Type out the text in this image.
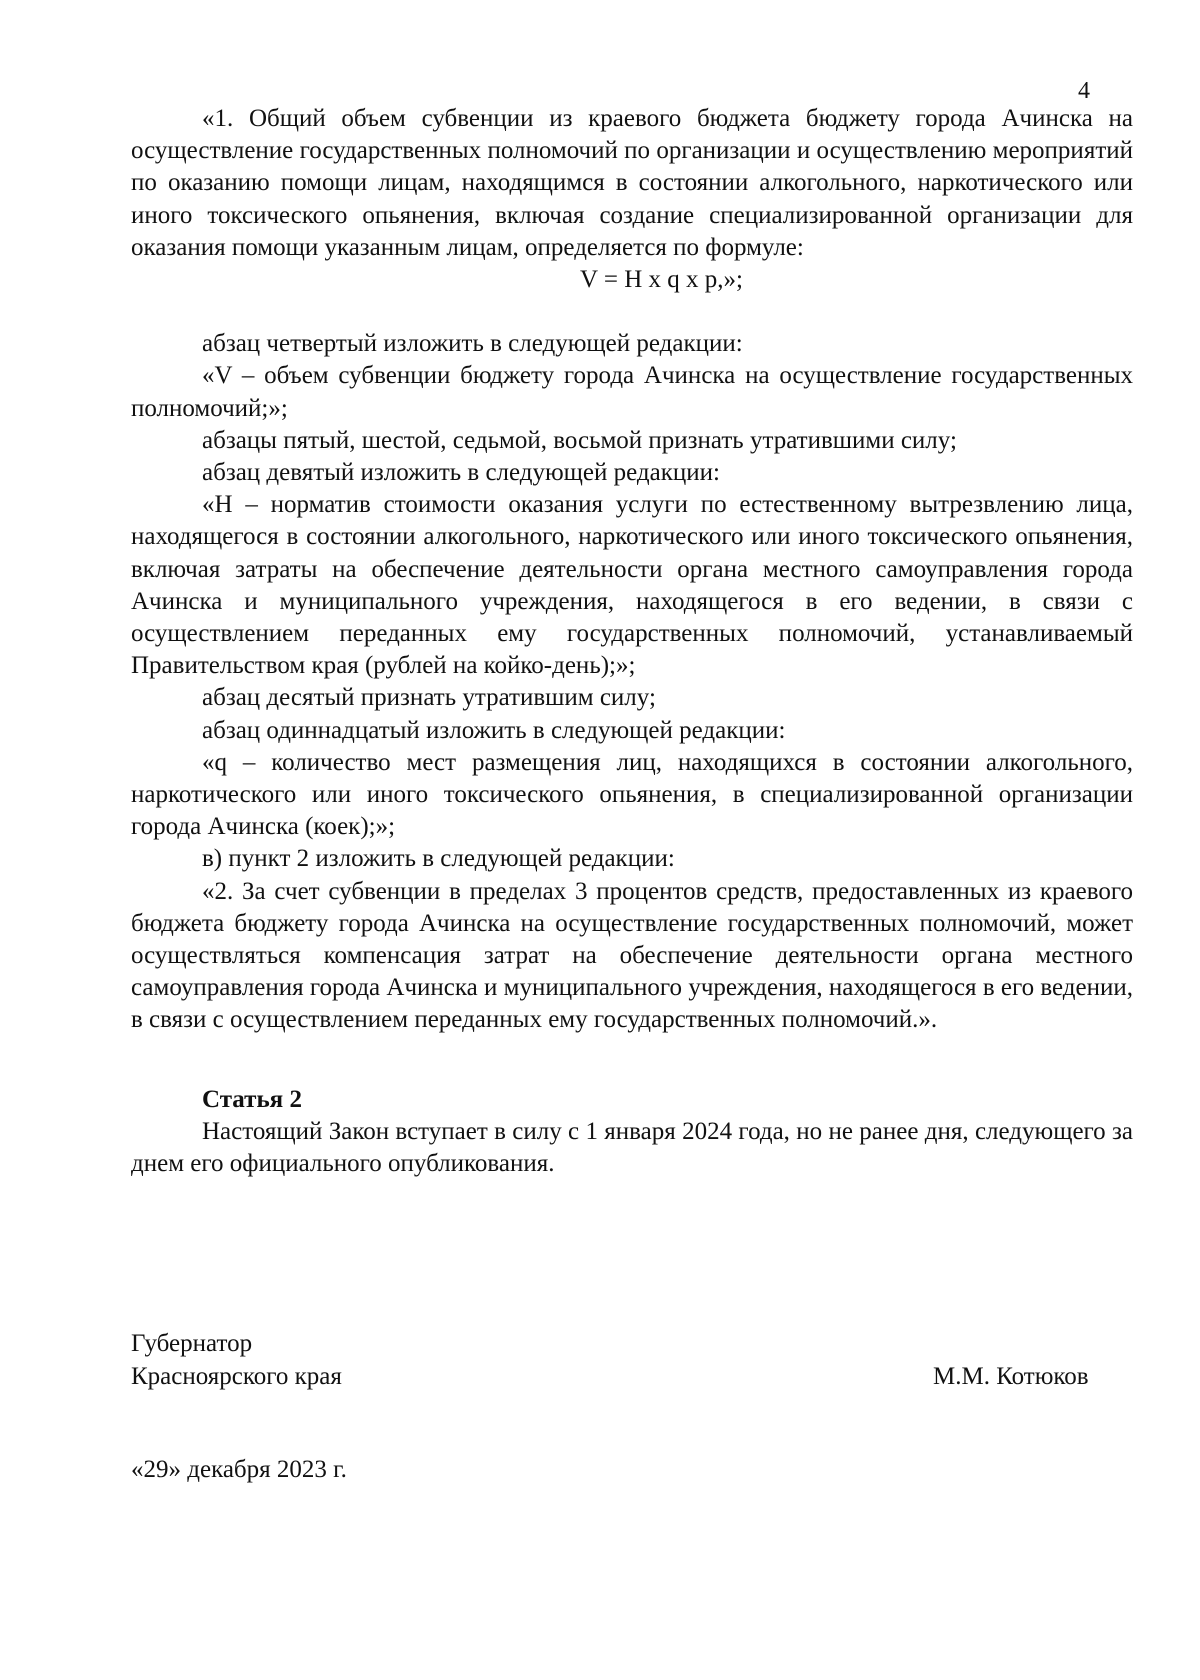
4

«1. Общий объем субвенции из краевого бюджета бюджету города Ачинска на осуществление государственных полномочий по организации и осуществлению мероприятий по оказанию помощи лицам, находящимся в состоянии алкогольного, наркотического или иного токсического опьянения, включая создание специализированной организации для оказания помощи указанным лицам, определяется по формуле:

V = H x q x p,»;

абзац четвертый изложить в следующей редакции:

«V – объем субвенции бюджету города Ачинска на осуществление государственных полномочий;»;

абзацы пятый, шестой, седьмой, восьмой признать утратившими силу;

абзац девятый изложить в следующей редакции:

«H – норматив стоимости оказания услуги по естественному вытрезвлению лица, находящегося в состоянии алкогольного, наркотического или иного токсического опьянения, включая затраты на обеспечение деятельности органа местного самоуправления города Ачинска и муниципального учреждения, находящегося в его ведении, в связи с осуществлением переданных ему государственных полномочий, устанавливаемый Правительством края (рублей на койко-день);»;

абзац десятый признать утратившим силу;

абзац одиннадцатый изложить в следующей редакции:

«q – количество мест размещения лиц, находящихся в состоянии алкогольного, наркотического или иного токсического опьянения, в специализированной организации города Ачинска (коек);»;

в) пункт 2 изложить в следующей редакции:

«2. За счет субвенции в пределах 3 процентов средств, предоставленных из краевого бюджета бюджету города Ачинска на осуществление государственных полномочий, может осуществляться компенсация затрат на обеспечение деятельности органа местного самоуправления города Ачинска и муниципального учреждения, находящегося в его ведении, в связи с осуществлением переданных ему государственных полномочий.».

Статья 2

Настоящий Закон вступает в силу с 1 января 2024 года, но не ранее дня, следующего за днем его официального опубликования.

Губернатор
Красноярского края	М.М. Котюков
«29» декабря 2023 г.
